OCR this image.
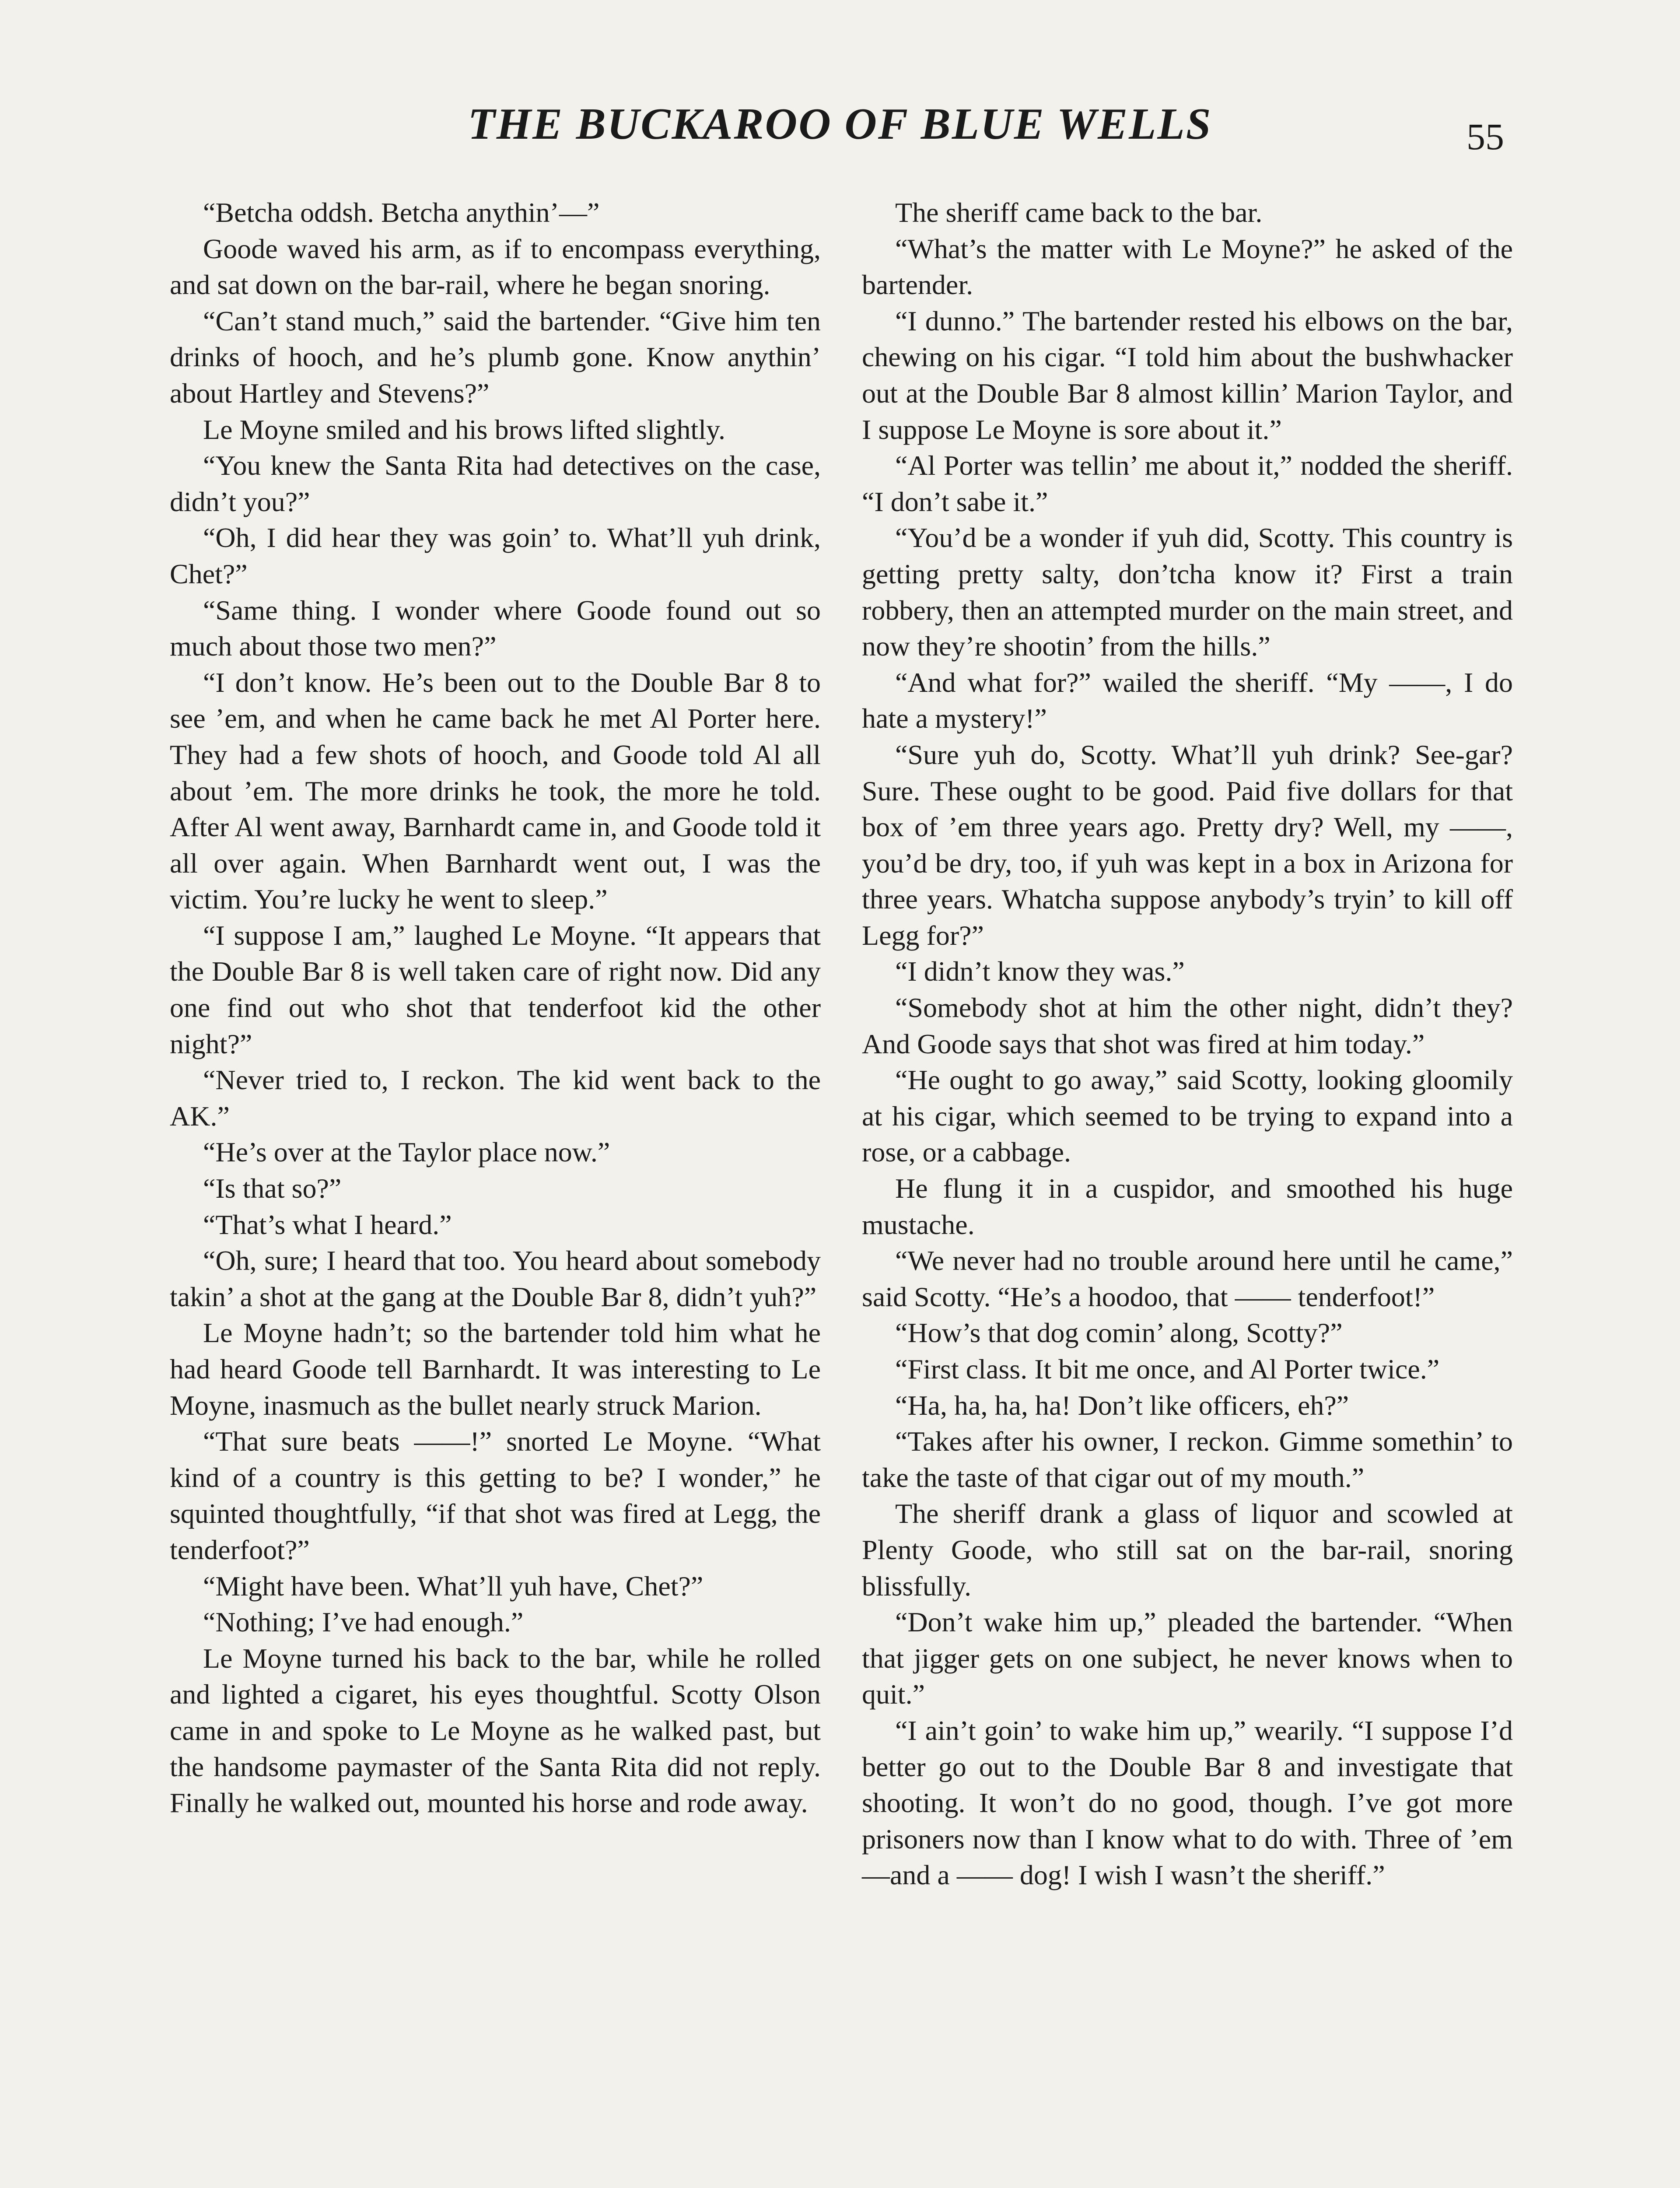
THE BUCKAROO OF BLUE WELLS	55

“Betcha oddsh. Betcha anythin’—”

Goode waved his arm, as if to encompass everything, and sat down on the bar-rail, where he began snoring.

“Can’t stand much,” said the bartender. “Give him ten drinks of hooch, and he’s plumb gone. Know anythin’ about Hartley and Stevens?”

Le Moyne smiled and his brows lifted slightly.

“You knew the Santa Rita had detectives on the case, didn’t you?”

“Oh, I did hear they was goin’ to. What’ll yuh drink, Chet?”

“Same thing. I wonder where Goode found out so much about those two men?”

“I don’t know. He’s been out to the Double Bar 8 to see ’em, and when he came back he met Al Porter here. They had a few shots of hooch, and Goode told Al all about ’em. The more drinks he took, the more he told. After Al went away, Barnhardt came in, and Goode told it all over again. When Barnhardt went out, I was the victim. You’re lucky he went to sleep.”

“I suppose I am,” laughed Le Moyne. “It appears that the Double Bar 8 is well taken care of right now. Did any one find out who shot that tenderfoot kid the other night?”

“Never tried to, I reckon. The kid went back to the AK.”

“He’s over at the Taylor place now.”

“Is that so?”

“That’s what I heard.”

“Oh, sure; I heard that too. You heard about somebody takin’ a shot at the gang at the Double Bar 8, didn’t yuh?”

Le Moyne hadn’t; so the bartender told him what he had heard Goode tell Barnhardt. It was interesting to Le Moyne, inasmuch as the bullet nearly struck Marion.

“That sure beats ——!” snorted Le Moyne. “What kind of a country is this getting to be? I wonder,” he squinted thoughtfully, “if that shot was fired at Legg, the tenderfoot?”

“Might have been. What’ll yuh have, Chet?”

“Nothing; I’ve had enough.”

Le Moyne turned his back to the bar, while he rolled and lighted a cigaret, his eyes thoughtful. Scotty Olson came in and spoke to Le Moyne as he walked past, but the handsome paymaster of the Santa Rita did not reply. Finally he walked out, mounted his horse and rode away.

The sheriff came back to the bar.

“What’s the matter with Le Moyne?” he asked of the bartender.

“I dunno.” The bartender rested his elbows on the bar, chewing on his cigar. “I told him about the bushwhacker out at the Double Bar 8 almost killin’ Marion Taylor, and I suppose Le Moyne is sore about it.”

“Al Porter was tellin’ me about it,” nodded the sheriff. “I don’t sabe it.”

“You’d be a wonder if yuh did, Scotty. This country is getting pretty salty, don’tcha know it? First a train robbery, then an attempted murder on the main street, and now they’re shootin’ from the hills.”

“And what for?” wailed the sheriff. “My ——, I do hate a mystery!”

“Sure yuh do, Scotty. What’ll yuh drink? See-gar? Sure. These ought to be good. Paid five dollars for that box of ’em three years ago. Pretty dry? Well, my ——, you’d be dry, too, if yuh was kept in a box in Arizona for three years. Whatcha suppose anybody’s tryin’ to kill off Legg for?”

“I didn’t know they was.”

“Somebody shot at him the other night, didn’t they? And Goode says that shot was fired at him today.”

“He ought to go away,” said Scotty, looking gloomily at his cigar, which seemed to be trying to expand into a rose, or a cabbage.

He flung it in a cuspidor, and smoothed his huge mustache.

“We never had no trouble around here until he came,” said Scotty. “He’s a hoodoo, that —— tenderfoot!”

“How’s that dog comin’ along, Scotty?”

“First class. It bit me once, and Al Porter twice.”

“Ha, ha, ha, ha! Don’t like officers, eh?”

“Takes after his owner, I reckon. Gimme somethin’ to take the taste of that cigar out of my mouth.”

The sheriff drank a glass of liquor and scowled at Plenty Goode, who still sat on the bar-rail, snoring blissfully.

“Don’t wake him up,” pleaded the bartender. “When that jigger gets on one subject, he never knows when to quit.”

“I ain’t goin’ to wake him up,” wearily. “I suppose I’d better go out to the Double Bar 8 and investigate that shooting. It won’t do no good, though. I’ve got more prisoners now than I know what to do with. Three of ’em—and a —— dog! I wish I wasn’t the sheriff.”
